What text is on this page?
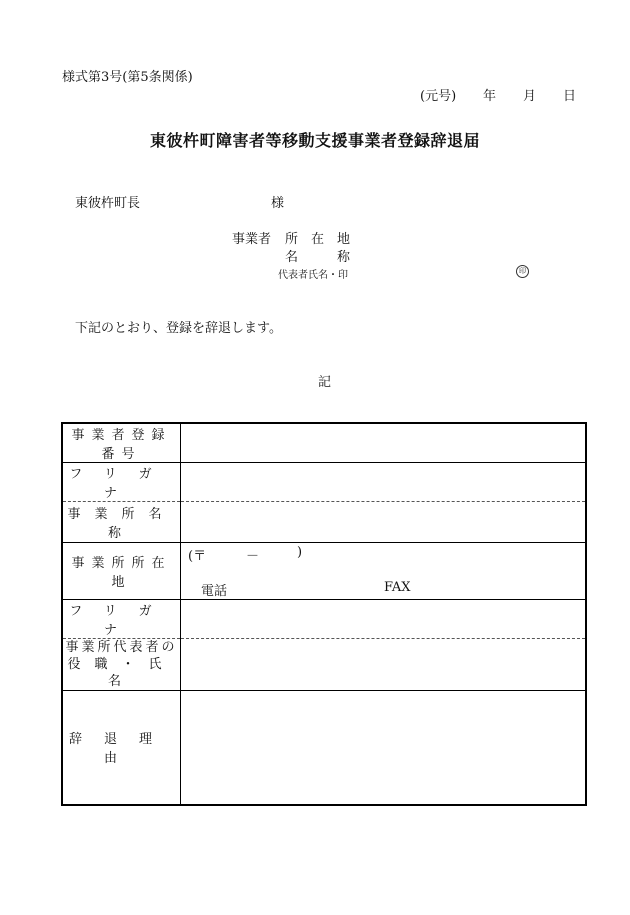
様式第3号(第5条関係)
(元号) 年 月 日
東彼杵町障害者等移動支援事業者登録辞退届
東彼杵町長	様
事業者 所　在　地
名　　　称
代表者氏名・印	印
下記のとおり、登録を辞退します。
記
事業者登録番号	
フリガナ	
事業所名称	
事業所所在地	(〒 － )
電話 FAX

フリガナ	

事業所代表者の
役職・氏名	

辞退理由	
